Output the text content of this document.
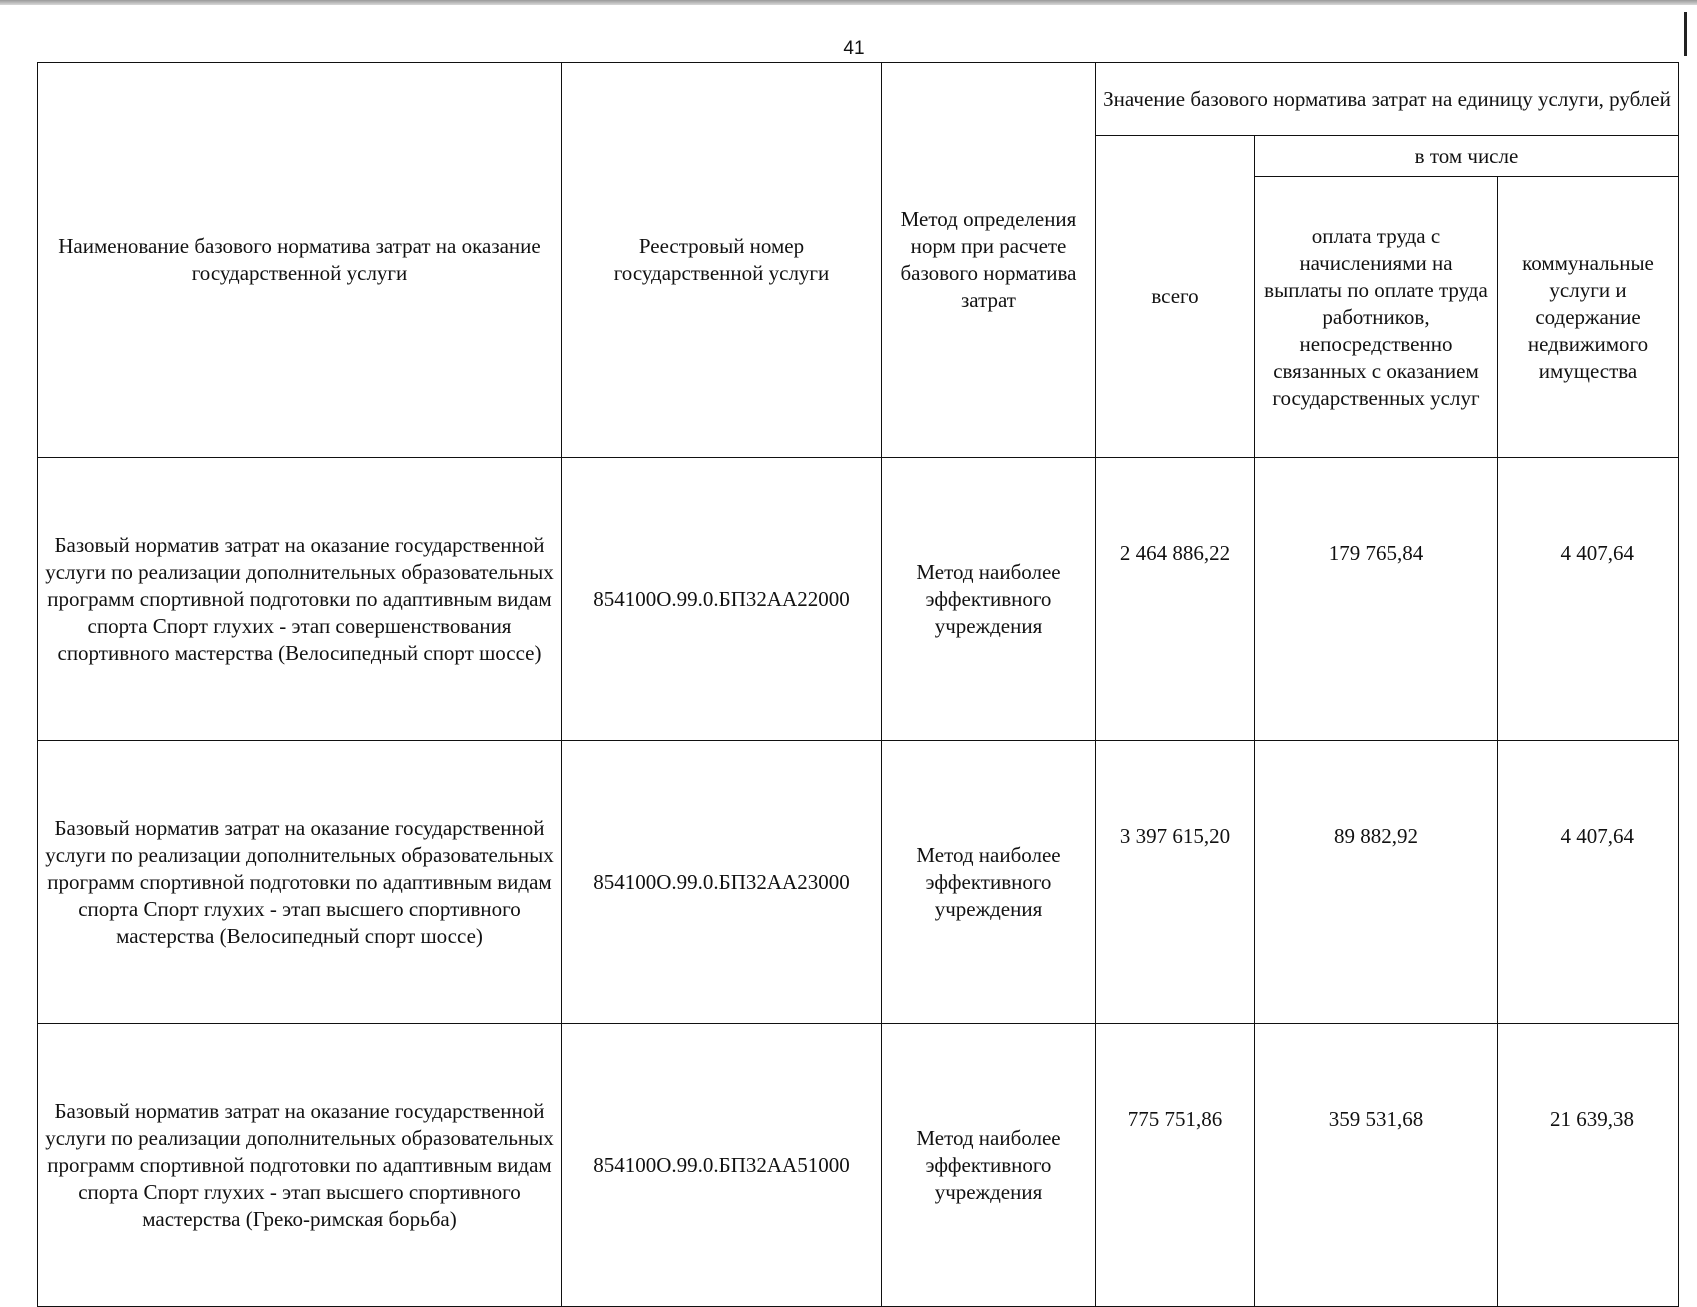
41
Наименование базового норматива затрат на оказание государственной услуги	Реестровый номер государственной услуги	Метод определения норм при расчете базового норматива затрат	Значение базового норматива затрат на единицу услуги, рублей		
			всего	в том числе	
				оплата труда с начислениями на выплаты по оплате труда работников, непосредственно связанных с оказанием государственных услуг	коммунальные услуги и содержание недвижимого имущества
Базовый норматив затрат на оказание государственной услуги по реализации дополнительных образовательных программ спортивной подготовки по адаптивным видам спорта Спорт глухих - этап совершенствования спортивного мастерства (Велосипедный спорт шоссе)	854100О.99.0.БП32АА22000	Метод наиболее эффективного учреждения	2 464 886,22	179 765,84	4 407,64
Базовый норматив затрат на оказание государственной услуги по реализации дополнительных образовательных программ спортивной подготовки по адаптивным видам спорта Спорт глухих - этап высшего спортивного мастерства (Велосипедный спорт шоссе)	854100О.99.0.БП32АА23000	Метод наиболее эффективного учреждения	3 397 615,20	89 882,92	4 407,64
Базовый норматив затрат на оказание государственной услуги по реализации дополнительных образовательных программ спортивной подготовки по адаптивным видам спорта Спорт глухих - этап высшего спортивного мастерства (Греко-римская борьба)	854100О.99.0.БП32АА51000	Метод наиболее эффективного учреждения	775 751,86	359 531,68	21 639,38
